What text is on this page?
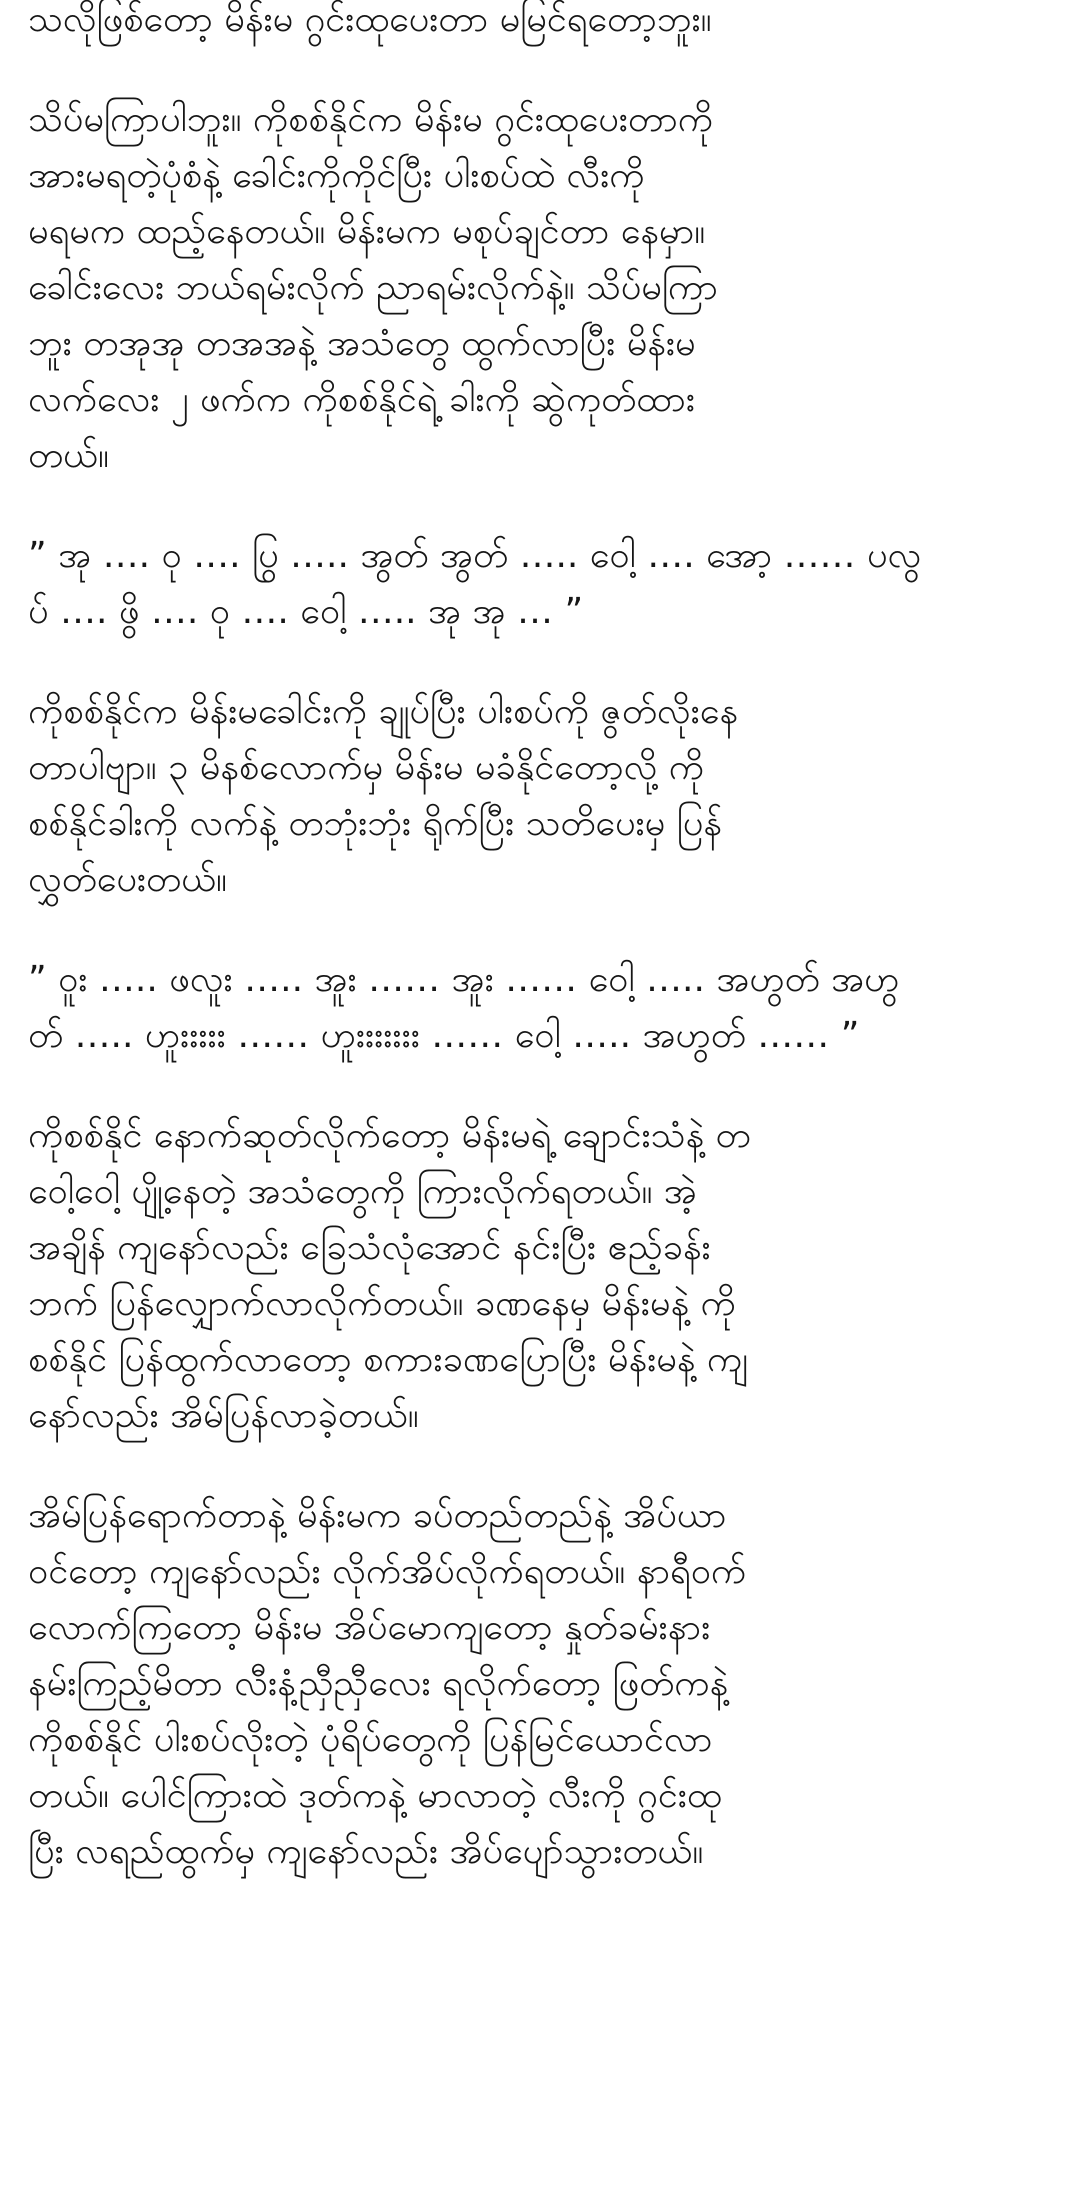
သလိုဖြစ်တော့ မိန်းမ ဂွင်းထုပေးတာ မမြင်ရတော့ဘူး။

သိပ်မကြာပါဘူး။ ကိုစစ်နိုင်က မိန်းမ ဂွင်းထုပေးတာကို
အားမရတဲ့ပုံစံနဲ့ ခေါင်းကိုကိုင်ပြီး ပါးစပ်ထဲ လီးကို
မရမက ထည့်နေတယ်။ မိန်းမက မစုပ်ချင်တာ နေမှာ။
ခေါင်းလေး ဘယ်ရမ်းလိုက် ညာရမ်းလိုက်နဲ့။ သိပ်မကြာ
ဘူး တအုအု တအအနဲ့ အသံတွေ ထွက်လာပြီး မိန်းမ
လက်လေး ၂ ဖက်က ကိုစစ်နိုင်ရဲ့ ခါးကို ဆွဲကုတ်ထား
တယ်။

” အု …. ဝု …. ပြွ ….. အွတ် အွတ် ….. ဝေါ့ …. အော့ …… ပလွ
ပ် …. ဖွိ …. ဝု …. ဝေါ့ ….. အု အု … ”

ကိုစစ်နိုင်က မိန်းမခေါင်းကို ချုပ်ပြီး ပါးစပ်ကို ဇွတ်လိုးနေ
တာပါဗျာ။ ၃ မိနစ်လောက်မှ မိန်းမ မခံနိုင်တော့လို့ ကို
စစ်နိုင်ခါးကို လက်နဲ့ တဘုံးဘုံး ရိုက်ပြီး သတိပေးမှ ပြန်
လွှတ်ပေးတယ်။

” ဝူး ….. ဖလူး ….. အူး …… အူး …… ဝေါ့ ….. အဟွတ် အဟွ
တ် ….. ဟူးးးးး …… ဟူးးးးးးး …… ဝေါ့ ….. အဟွတ် …… ”

ကိုစစ်နိုင် နောက်ဆုတ်လိုက်တော့ မိန်းမရဲ့ ချောင်းသံနဲ့ တ
ဝေါ့ဝေါ့ ပျို့နေတဲ့ အသံတွေကို ကြားလိုက်ရတယ်။ အဲ့
အချိန် ကျနော်လည်း ခြေသံလုံအောင် နင်းပြီး ဧည့်ခန်း
ဘက် ပြန်လျှောက်လာလိုက်တယ်။ ခဏနေမှ မိန်းမနဲ့ ကို
စစ်နိုင် ပြန်ထွက်လာတော့ စကားခဏပြောပြီး မိန်းမနဲ့ ကျ
နော်လည်း အိမ်ပြန်လာခဲ့တယ်။

အိမ်ပြန်ရောက်တာနဲ့ မိန်းမက ခပ်တည်တည်နဲ့ အိပ်ယာ
ဝင်တော့ ကျနော်လည်း လိုက်အိပ်လိုက်ရတယ်။ နာရီဝက်
လောက်ကြတော့ မိန်းမ အိပ်မောကျတော့ နှုတ်ခမ်းနား
နမ်းကြည့်မိတာ လီးနံ့ညှီညှီလေး ရလိုက်တော့ ဖြတ်ကနဲ့
ကိုစစ်နိုင် ပါးစပ်လိုးတဲ့ ပုံရိပ်တွေကို ပြန်မြင်ယောင်လာ
တယ်။ ပေါင်ကြားထဲ ဒုတ်ကနဲ့ မာလာတဲ့ လီးကို ဂွင်းထု
ပြီး လရည်ထွက်မှ ကျနော်လည်း အိပ်ပျော်သွားတယ်။
